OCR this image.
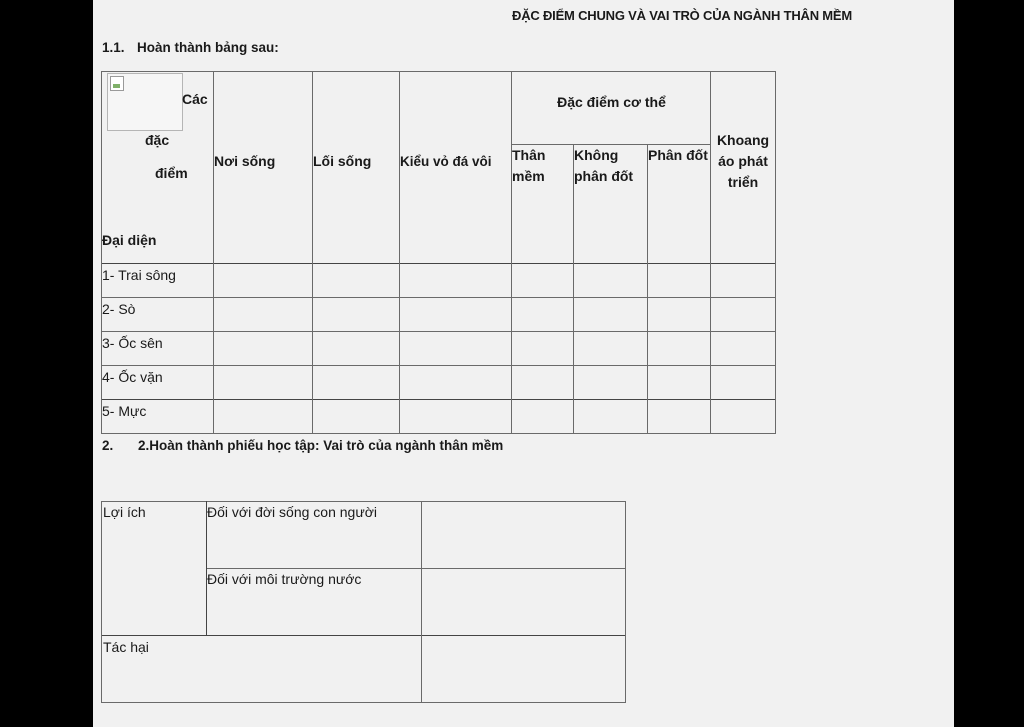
ĐẶC ĐIỂM CHUNG VÀ VAI TRÒ CỦA NGÀNH THÂN MỀM
1.1. Hoàn thành bảng sau:
Các
đặc
điểm
Đại diện
Nơi sống	Lối sống Kiểu vỏ đá vôi
Đặc điểm cơ thể
Thân
mềm
Không
phân đốt
Phân đốt
Khoang
áo phát
triển
1- Trai sông
2- Sò
3- Ốc sên
4- Ốc vặn
5- Mực
2. 2.Hoàn thành phiếu học tập: Vai trò của ngành thân mềm
Lợi ích	Đối với đời sống con người
Đối với môi trường nước
Tác hại
